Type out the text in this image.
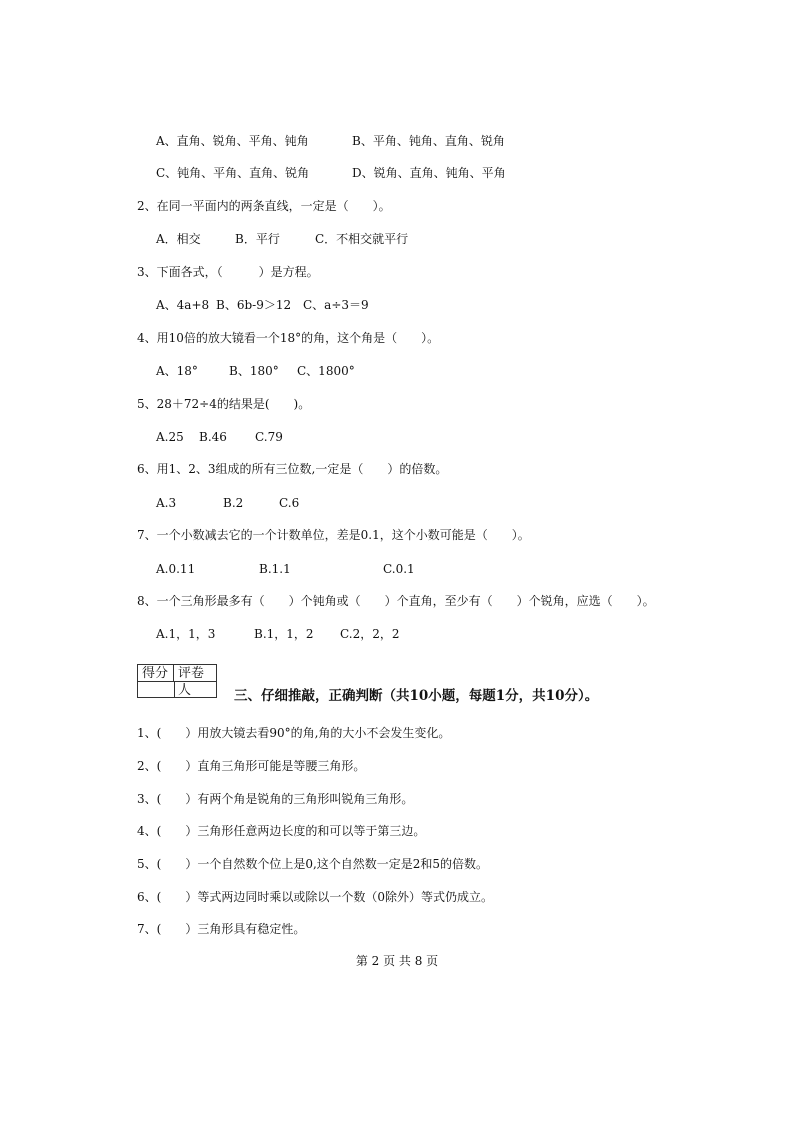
A、直角、锐角、平角、钝角	B、平角、钝角、直角、锐角
C、钝角、平角、直角、锐角	D、锐角、直角、钝角、平角
2、在同一平面内的两条直线，一定是（　　）。
A．相交	B．平行	C．不相交就平行
3、下面各式，（　　　）是方程。
A、4a+8 B、6b-9＞12 C、a÷3＝9
4、用10倍的放大镜看一个18°的角，这个角是（　　）。
A、18°	B、180° C、1800°
5、28＋72÷4的结果是(　　)。
A.25 B.46 C.79
6、用1、2、3组成的所有三位数,一定是（　　）的倍数。
A.3	B.2	C.6
7、一个小数减去它的一个计数单位，差是0.1，这个小数可能是（　　）。
A.0.11	B.1.1	C.0.1
8、一个三角形最多有（　　）个钝角或（　　）个直角，至少有（　　）个锐角，应选（　　）。
A.1，1，3	B.1，1，2 C.2，2，2
得分 评卷人	三、仔细推敲，正确判断（共10小题，每题1分，共10分）。
1、(　　）用放大镜去看90°的角,角的大小不会发生变化。
2、(　　）直角三角形可能是等腰三角形。
3、(　　）有两个角是锐角的三角形叫锐角三角形。
4、(　　）三角形任意两边长度的和可以等于第三边。
5、(　　）一个自然数个位上是0,这个自然数一定是2和5的倍数。
6、(　　）等式两边同时乘以或除以一个数（0除外）等式仍成立。
7、(　　）三角形具有稳定性。
第 2 页 共 8 页
